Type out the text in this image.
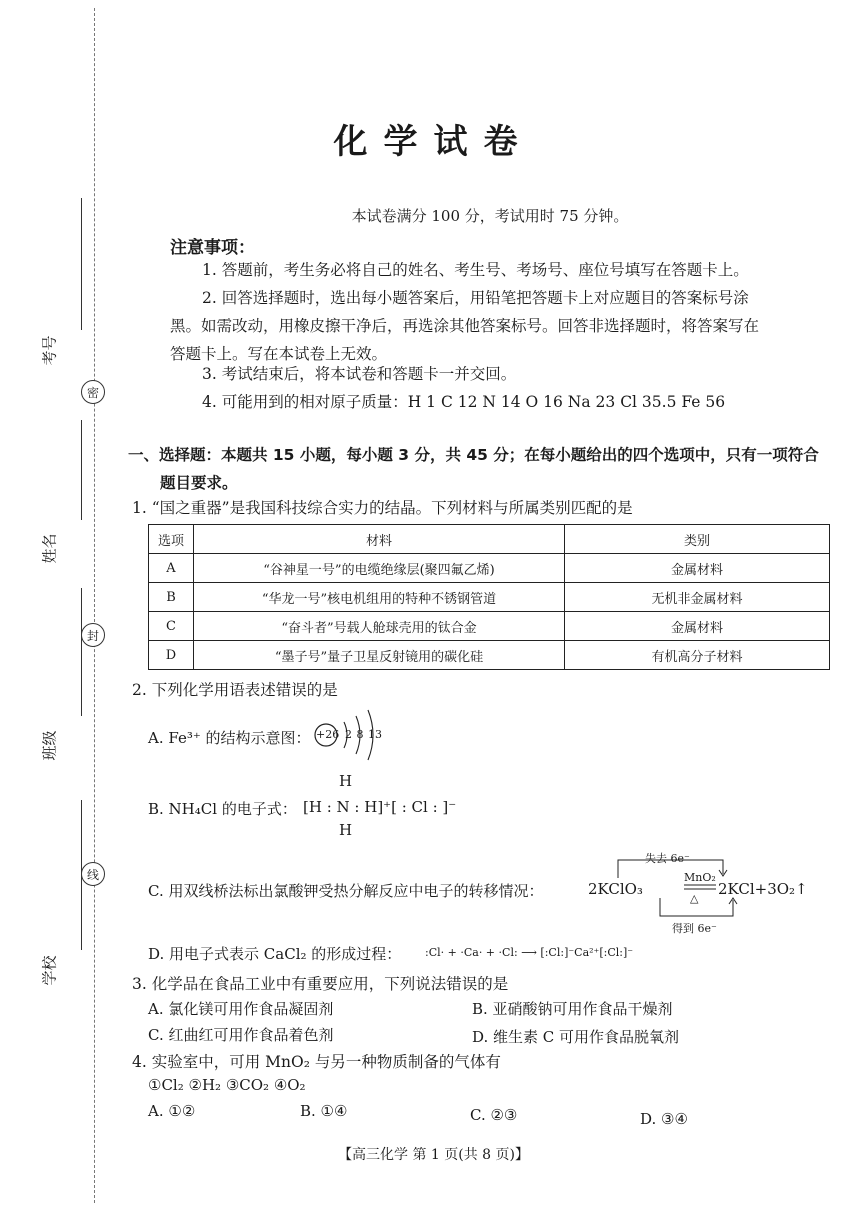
密
封
线
考号
姓名
班级
学校
化学试卷
本试卷满分 100 分，考试用时 75 分钟。
注意事项：
1. 答题前，考生务必将自己的姓名、考生号、考场号、座位号填写在答题卡上。
2. 回答选择题时，选出每小题答案后，用铅笔把答题卡上对应题目的答案标号涂
黑。如需改动，用橡皮擦干净后，再选涂其他答案标号。回答非选择题时，将答案写在
答题卡上。写在本试卷上无效。
3. 考试结束后，将本试卷和答题卡一并交回。
4. 可能用到的相对原子质量：H 1 C 12 N 14 O 16 Na 23 Cl 35.5 Fe 56
一、选择题：本题共 15 小题，每小题 3 分，共 45 分；在每小题给出的四个选项中，只有一项符合
题目要求。
1. “国之重器”是我国科技综合实力的结晶。下列材料与所属类别匹配的是
选项	材料	类别
A	“谷神星一号”的电缆绝缘层(聚四氟乙烯)	金属材料
B	“华龙一号”核电机组用的特种不锈钢管道	无机非金属材料
C	“奋斗者”号载人舱球壳用的钛合金	金属材料
D	“墨子号”量子卫星反射镜用的碳化硅	有机高分子材料
2. 下列化学用语表述错误的是
A. Fe³⁺ 的结构示意图： +26 2 8 13
H
B. NH₄Cl 的电子式： [H : N : H]⁺[ : Cl : ]⁻
H
C. 用双线桥法标出氯酸钾受热分解反应中电子的转移情况：
失去 6e⁻
2KClO₃
MnO₂
△
2KCl+3O₂↑
得到 6e⁻
D. 用电子式表示 CaCl₂ 的形成过程： :Cl· + ·Ca· + ·Cl: ⟶ [:Cl:]⁻Ca²⁺[:Cl:]⁻
3. 化学品在食品工业中有重要应用，下列说法错误的是
A. 氯化镁可用作食品凝固剂	B. 亚硝酸钠可用作食品干燥剂
C. 红曲红可用作食品着色剂	D. 维生素 C 可用作食品脱氧剂
4. 实验室中，可用 MnO₂ 与另一种物质制备的气体有
①Cl₂ ②H₂ ③CO₂ ④O₂
A. ①②	B. ①④	C. ②③	D. ③④
【高三化学 第 1 页(共 8 页)】
